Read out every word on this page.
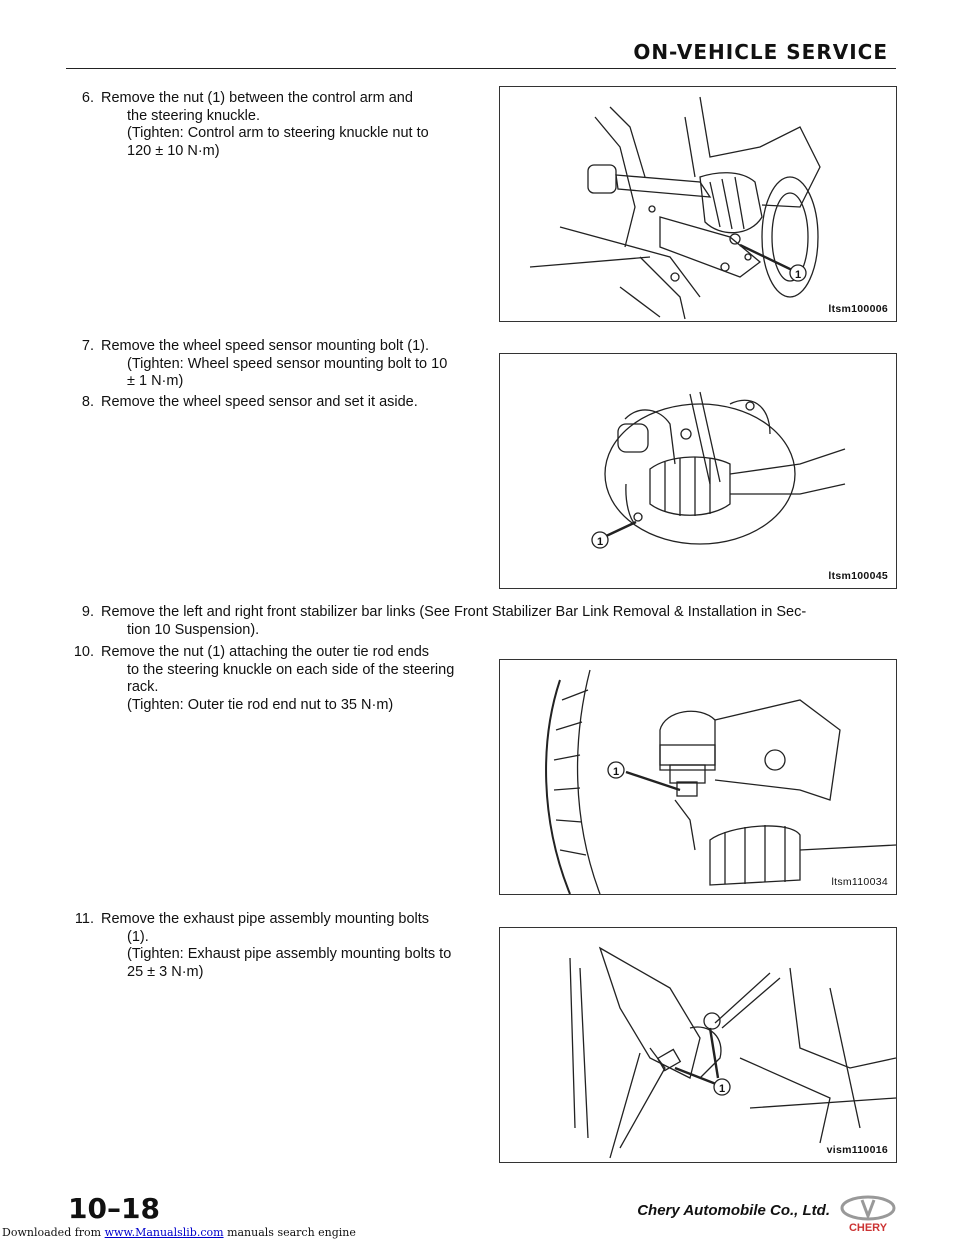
ON-VEHICLE SERVICE
6. Remove the nut (1) between the control arm and
the steering knuckle.
(Tighten: Control arm to steering knuckle nut to
120 ± 10 N·m)
7. Remove the wheel speed sensor mounting bolt (1).
(Tighten: Wheel speed sensor mounting bolt to 10
± 1 N·m)
8. Remove the wheel speed sensor and set it aside.
9. Remove the left and right front stabilizer bar links (See Front Stabilizer Bar Link Removal & Installation in Sec-
tion 10 Suspension).
10. Remove the nut (1) attaching the outer tie rod ends
to the steering knuckle on each side of the steering
rack.
(Tighten: Outer tie rod end nut to 35 N·m)
11. Remove the exhaust pipe assembly mounting bolts
(1).
(Tighten: Exhaust pipe assembly mounting bolts to
25 ± 3 N·m)
1
ltsm100006
1
ltsm100045
1
ltsm110034
1
vism110016
10–18	Chery Automobile Co., Ltd.
CHERY
Downloaded from www.Manualslib.com manuals search engine
